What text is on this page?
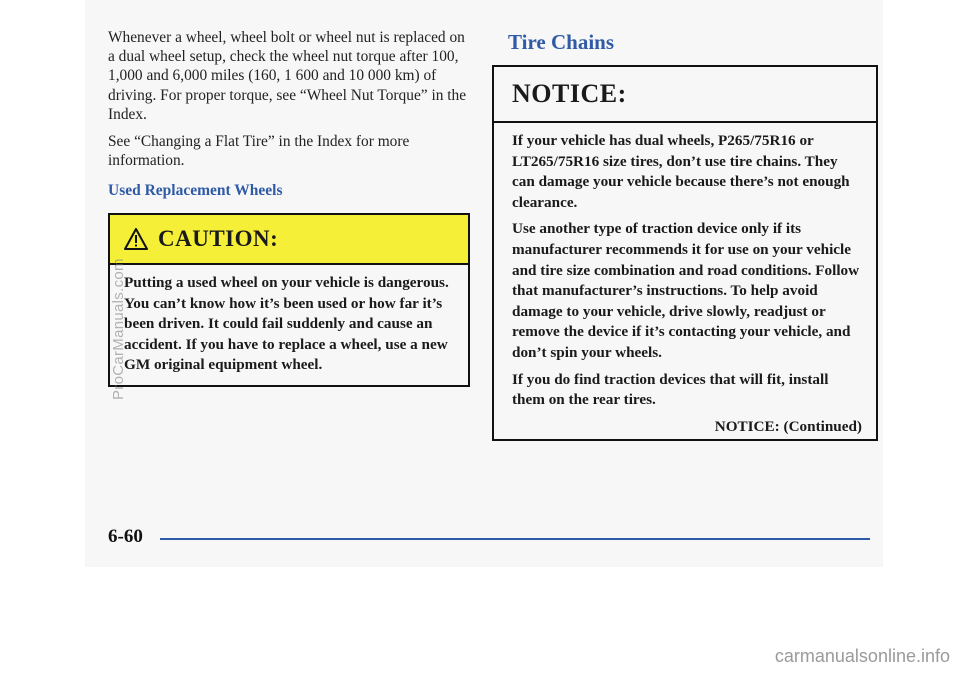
Whenever a wheel, wheel bolt or wheel nut is replaced on a dual wheel setup, check the wheel nut torque after 100, 1,000 and 6,000 miles (160, 1 600 and 10 000 km) of driving. For proper torque, see “Wheel Nut Torque” in the Index.

See “Changing a Flat Tire” in the Index for more information.

Used Replacement Wheels

CAUTION:
Putting a used wheel on your vehicle is dangerous. You can’t know how it’s been used or how far it’s been driven. It could fail suddenly and cause an accident. If you have to replace a wheel, use a new GM original equipment wheel.
Tire Chains
NOTICE:

If your vehicle has dual wheels, P265/75R16 or LT265/75R16 size tires, don’t use tire chains. They can damage your vehicle because there’s not enough clearance.

Use another type of traction device only if its manufacturer recommends it for use on your vehicle and tire size combination and road conditions. Follow that manufacturer’s instructions. To help avoid damage to your vehicle, drive slowly, readjust or remove the device if it’s contacting your vehicle, and don’t spin your wheels.

If you do find traction devices that will fit, install them on the rear tires.

NOTICE: (Continued)

6-60
ProCarManuals.com
carmanualsonline.info
